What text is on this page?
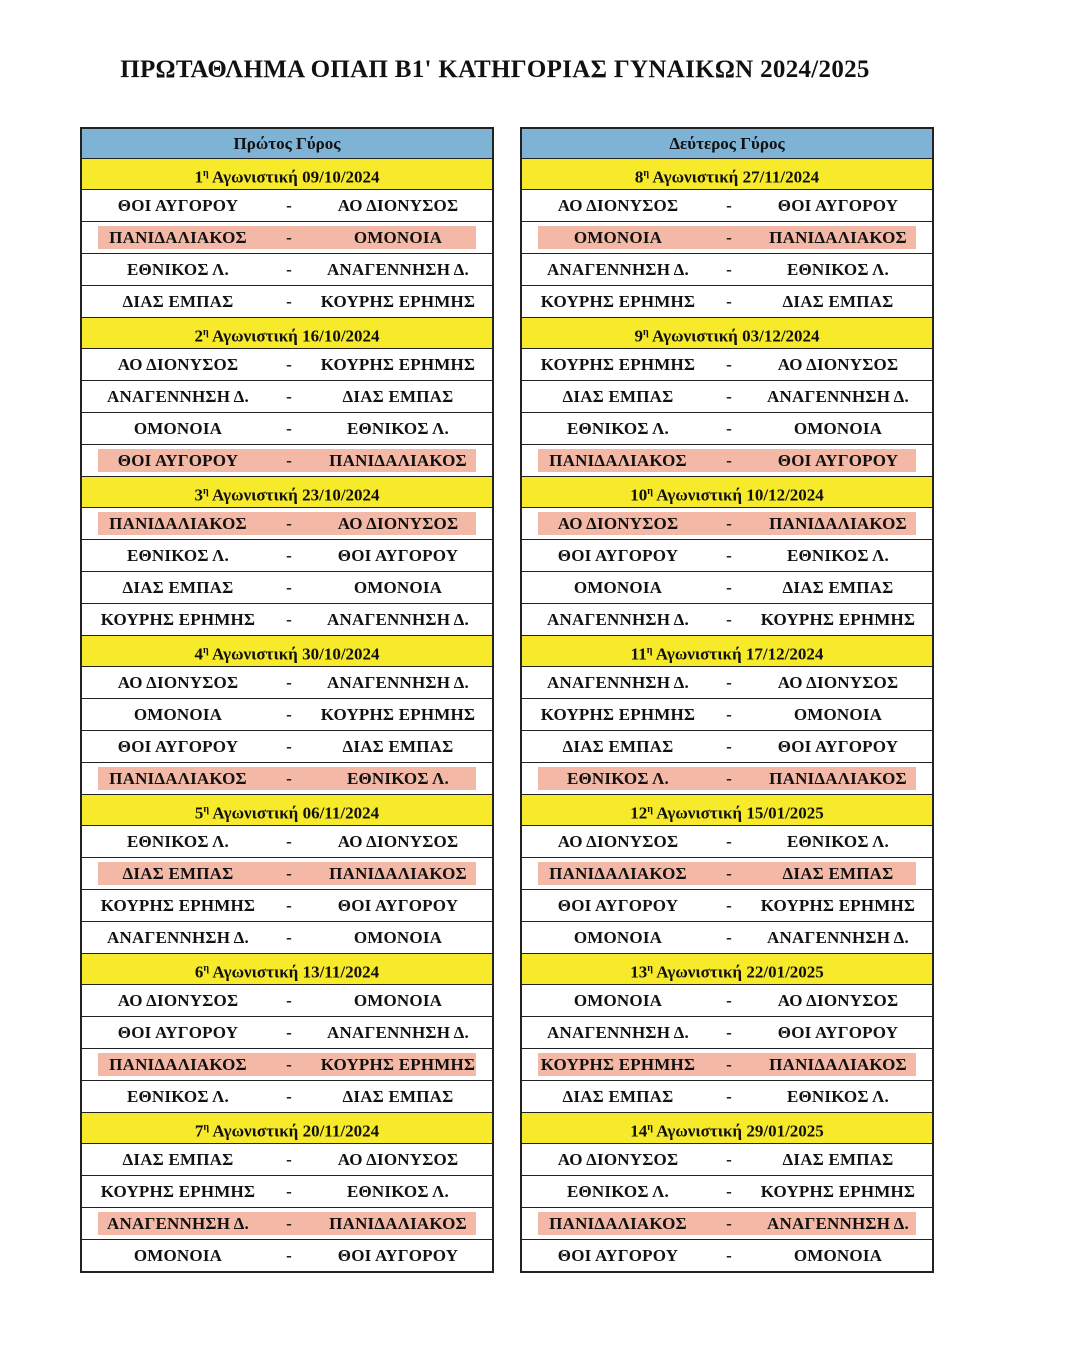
ΠΡΩΤΑΘΛΗΜΑ ΟΠΑΠ Β1' ΚΑΤΗΓΟΡΙΑΣ ΓΥΝΑΙΚΩΝ 2024/2025
Πρώτος Γύρος
$1^\eta$ Αγωνιστική 09/10/2024
ΘΟΙ ΑΥΓΟΡΟΥ	-	ΑΟ ΔΙΟΝΥΣΟΣ
ΠΑΝΙΔΑΛΙΑΚΟΣ	-	ΟΜΟΝΟΙΑ
ΕΘΝΙΚΟΣ Λ.	-	ΑΝΑΓΕΝΝΗΣΗ Δ.
ΔΙΑΣ ΕΜΠΑΣ	-	ΚΟΥΡΗΣ ΕΡΗΜΗΣ
$2^\eta$ Αγωνιστική 16/10/2024
ΑΟ ΔΙΟΝΥΣΟΣ	-	ΚΟΥΡΗΣ ΕΡΗΜΗΣ
ΑΝΑΓΕΝΝΗΣΗ Δ.	-	ΔΙΑΣ ΕΜΠΑΣ
ΟΜΟΝΟΙΑ	-	ΕΘΝΙΚΟΣ Λ.
ΘΟΙ ΑΥΓΟΡΟΥ	-	ΠΑΝΙΔΑΛΙΑΚΟΣ
$3^\eta$ Αγωνιστική 23/10/2024
ΠΑΝΙΔΑΛΙΑΚΟΣ	-	ΑΟ ΔΙΟΝΥΣΟΣ
ΕΘΝΙΚΟΣ Λ.	-	ΘΟΙ ΑΥΓΟΡΟΥ
ΔΙΑΣ ΕΜΠΑΣ	-	ΟΜΟΝΟΙΑ
ΚΟΥΡΗΣ ΕΡΗΜΗΣ	-	ΑΝΑΓΕΝΝΗΣΗ Δ.
$4^\eta$ Αγωνιστική 30/10/2024
ΑΟ ΔΙΟΝΥΣΟΣ	-	ΑΝΑΓΕΝΝΗΣΗ Δ.
ΟΜΟΝΟΙΑ	-	ΚΟΥΡΗΣ ΕΡΗΜΗΣ
ΘΟΙ ΑΥΓΟΡΟΥ	-	ΔΙΑΣ ΕΜΠΑΣ
ΠΑΝΙΔΑΛΙΑΚΟΣ	-	ΕΘΝΙΚΟΣ Λ.
$5^\eta$ Αγωνιστική 06/11/2024
ΕΘΝΙΚΟΣ Λ.	-	ΑΟ ΔΙΟΝΥΣΟΣ
ΔΙΑΣ ΕΜΠΑΣ	-	ΠΑΝΙΔΑΛΙΑΚΟΣ
ΚΟΥΡΗΣ ΕΡΗΜΗΣ	-	ΘΟΙ ΑΥΓΟΡΟΥ
ΑΝΑΓΕΝΝΗΣΗ Δ.	-	ΟΜΟΝΟΙΑ
$6^\eta$ Αγωνιστική 13/11/2024
ΑΟ ΔΙΟΝΥΣΟΣ	-	ΟΜΟΝΟΙΑ
ΘΟΙ ΑΥΓΟΡΟΥ	-	ΑΝΑΓΕΝΝΗΣΗ Δ.
ΠΑΝΙΔΑΛΙΑΚΟΣ	-	ΚΟΥΡΗΣ ΕΡΗΜΗΣ
ΕΘΝΙΚΟΣ Λ.	-	ΔΙΑΣ ΕΜΠΑΣ
$7^\eta$ Αγωνιστική 20/11/2024
ΔΙΑΣ ΕΜΠΑΣ	-	ΑΟ ΔΙΟΝΥΣΟΣ
ΚΟΥΡΗΣ ΕΡΗΜΗΣ	-	ΕΘΝΙΚΟΣ Λ.
ΑΝΑΓΕΝΝΗΣΗ Δ.	-	ΠΑΝΙΔΑΛΙΑΚΟΣ
ΟΜΟΝΟΙΑ	-	ΘΟΙ ΑΥΓΟΡΟΥ
Δεύτερος Γύρος
$8^\eta$ Αγωνιστική 27/11/2024
ΑΟ ΔΙΟΝΥΣΟΣ	-	ΘΟΙ ΑΥΓΟΡΟΥ
ΟΜΟΝΟΙΑ	-	ΠΑΝΙΔΑΛΙΑΚΟΣ
ΑΝΑΓΕΝΝΗΣΗ Δ.	-	ΕΘΝΙΚΟΣ Λ.
ΚΟΥΡΗΣ ΕΡΗΜΗΣ	-	ΔΙΑΣ ΕΜΠΑΣ
$9^\eta$ Αγωνιστική 03/12/2024
ΚΟΥΡΗΣ ΕΡΗΜΗΣ	-	ΑΟ ΔΙΟΝΥΣΟΣ
ΔΙΑΣ ΕΜΠΑΣ	-	ΑΝΑΓΕΝΝΗΣΗ Δ.
ΕΘΝΙΚΟΣ Λ.	-	ΟΜΟΝΟΙΑ
ΠΑΝΙΔΑΛΙΑΚΟΣ	-	ΘΟΙ ΑΥΓΟΡΟΥ
$10^\eta$ Αγωνιστική 10/12/2024
ΑΟ ΔΙΟΝΥΣΟΣ	-	ΠΑΝΙΔΑΛΙΑΚΟΣ
ΘΟΙ ΑΥΓΟΡΟΥ	-	ΕΘΝΙΚΟΣ Λ.
ΟΜΟΝΟΙΑ	-	ΔΙΑΣ ΕΜΠΑΣ
ΑΝΑΓΕΝΝΗΣΗ Δ.	-	ΚΟΥΡΗΣ ΕΡΗΜΗΣ
$11^\eta$ Αγωνιστική 17/12/2024
ΑΝΑΓΕΝΝΗΣΗ Δ.	-	ΑΟ ΔΙΟΝΥΣΟΣ
ΚΟΥΡΗΣ ΕΡΗΜΗΣ	-	ΟΜΟΝΟΙΑ
ΔΙΑΣ ΕΜΠΑΣ	-	ΘΟΙ ΑΥΓΟΡΟΥ
ΕΘΝΙΚΟΣ Λ.	-	ΠΑΝΙΔΑΛΙΑΚΟΣ
$12^\eta$ Αγωνιστική 15/01/2025
ΑΟ ΔΙΟΝΥΣΟΣ	-	ΕΘΝΙΚΟΣ Λ.
ΠΑΝΙΔΑΛΙΑΚΟΣ	-	ΔΙΑΣ ΕΜΠΑΣ
ΘΟΙ ΑΥΓΟΡΟΥ	-	ΚΟΥΡΗΣ ΕΡΗΜΗΣ
ΟΜΟΝΟΙΑ	-	ΑΝΑΓΕΝΝΗΣΗ Δ.
$13^\eta$ Αγωνιστική 22/01/2025
ΟΜΟΝΟΙΑ	-	ΑΟ ΔΙΟΝΥΣΟΣ
ΑΝΑΓΕΝΝΗΣΗ Δ.	-	ΘΟΙ ΑΥΓΟΡΟΥ
ΚΟΥΡΗΣ ΕΡΗΜΗΣ	-	ΠΑΝΙΔΑΛΙΑΚΟΣ
ΔΙΑΣ ΕΜΠΑΣ	-	ΕΘΝΙΚΟΣ Λ.
$14^\eta$ Αγωνιστική 29/01/2025
ΑΟ ΔΙΟΝΥΣΟΣ	-	ΔΙΑΣ ΕΜΠΑΣ
ΕΘΝΙΚΟΣ Λ.	-	ΚΟΥΡΗΣ ΕΡΗΜΗΣ
ΠΑΝΙΔΑΛΙΑΚΟΣ	-	ΑΝΑΓΕΝΝΗΣΗ Δ.
ΘΟΙ ΑΥΓΟΡΟΥ	-	ΟΜΟΝΟΙΑ
